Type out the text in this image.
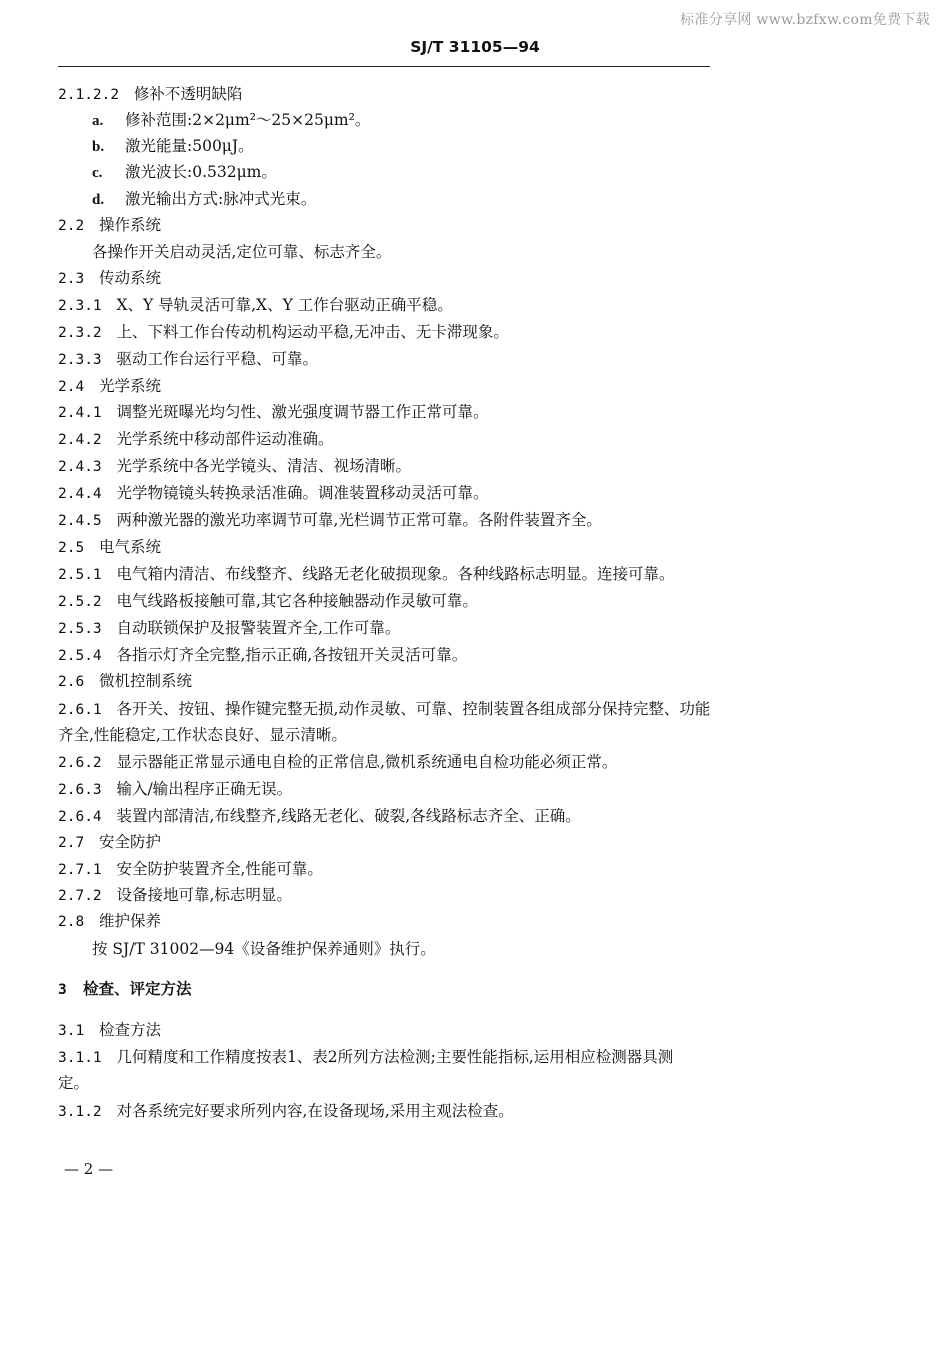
标准分享网 www.bzfxw.com免费下载
SJ/T 31105—94
2.1.2.2 修补不透明缺陷
a. 修补范围:2×2μm²～25×25μm²。
b. 激光能量:500μJ。
c. 激光波长:0.532μm。
d. 激光输出方式:脉冲式光束。
2.2 操作系统
各操作开关启动灵活,定位可靠、标志齐全。
2.3 传动系统
2.3.1 X、Y 导轨灵活可靠,X、Y 工作台驱动正确平稳。
2.3.2 上、下料工作台传动机构运动平稳,无冲击、无卡滞现象。
2.3.3 驱动工作台运行平稳、可靠。
2.4 光学系统
2.4.1 调整光斑曝光均匀性、激光强度调节器工作正常可靠。
2.4.2 光学系统中移动部件运动准确。
2.4.3 光学系统中各光学镜头、清洁、视场清晰。
2.4.4 光学物镜镜头转换录活准确。调准装置移动灵活可靠。
2.4.5 两种激光器的激光功率调节可靠,光栏调节正常可靠。各附件装置齐全。
2.5 电气系统
2.5.1 电气箱内清洁、布线整齐、线路无老化破损现象。各种线路标志明显。连接可靠。
2.5.2 电气线路板接触可靠,其它各种接触器动作灵敏可靠。
2.5.3 自动联锁保护及报警装置齐全,工作可靠。
2.5.4 各指示灯齐全完整,指示正确,各按钮开关灵活可靠。
2.6 微机控制系统
2.6.1 各开关、按钮、操作键完整无损,动作灵敏、可靠、控制装置各组成部分保持完整、功能
齐全,性能稳定,工作状态良好、显示清晰。
2.6.2 显示器能正常显示通电自检的正常信息,微机系统通电自检功能必须正常。
2.6.3 输入/输出程序正确无误。
2.6.4 装置内部清洁,布线整齐,线路无老化、破裂,各线路标志齐全、正确。
2.7 安全防护
2.7.1 安全防护装置齐全,性能可靠。
2.7.2 设备接地可靠,标志明显。
2.8 维护保养
按 SJ/T 31002—94《设备维护保养通则》执行。
3 检查、评定方法
3.1 检查方法
3.1.1 几何精度和工作精度按表1、表2所列方法检测;主要性能指标,运用相应检测器具测
定。
3.1.2 对各系统完好要求所列内容,在设备现场,采用主观法检查。
— 2 —
